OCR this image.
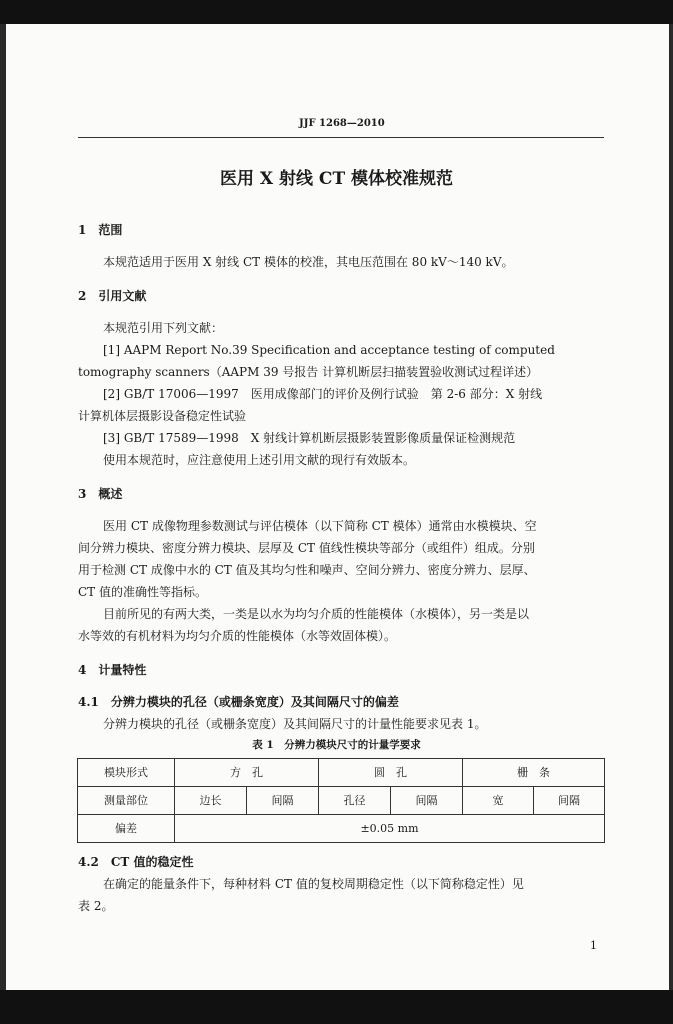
JJF 1268—2010
医用 X 射线 CT 模体校准规范
1　范围
本规范适用于医用 X 射线 CT 模体的校准，其电压范围在 80 kV～140 kV。
2　引用文献
本规范引用下列文献：
[1] AAPM Report No.39 Specification and acceptance testing of computed
tomography scanners（AAPM 39 号报告 计算机断层扫描装置验收测试过程详述）
[2] GB/T 17006—1997　医用成像部门的评价及例行试验　第 2-6 部分：X 射线
计算机体层摄影设备稳定性试验
[3] GB/T 17589—1998　X 射线计算机断层摄影装置影像质量保证检测规范
使用本规范时，应注意使用上述引用文献的现行有效版本。
3　概述
医用 CT 成像物理参数测试与评估模体（以下简称 CT 模体）通常由水模模块、空
间分辨力模块、密度分辨力模块、层厚及 CT 值线性模块等部分（或组件）组成。分别
用于检测 CT 成像中水的 CT 值及其均匀性和噪声、空间分辨力、密度分辨力、层厚、
CT 值的准确性等指标。
目前所见的有两大类，一类是以水为均匀介质的性能模体（水模体），另一类是以
水等效的有机材料为均匀介质的性能模体（水等效固体模）。
4　计量特性
4.1　分辨力模块的孔径（或栅条宽度）及其间隔尺寸的偏差
分辨力模块的孔径（或栅条宽度）及其间隔尺寸的计量性能要求见表 1。
表 1　分辨力模块尺寸的计量学要求
模块形式	方　孔		圆　孔		栅　条	
测量部位	边长	间隔	孔径	间隔	宽	间隔
偏差	±0.05 mm					
4.2　CT 值的稳定性
在确定的能量条件下，每种材料 CT 值的复校周期稳定性（以下简称稳定性）见
表 2。
1
